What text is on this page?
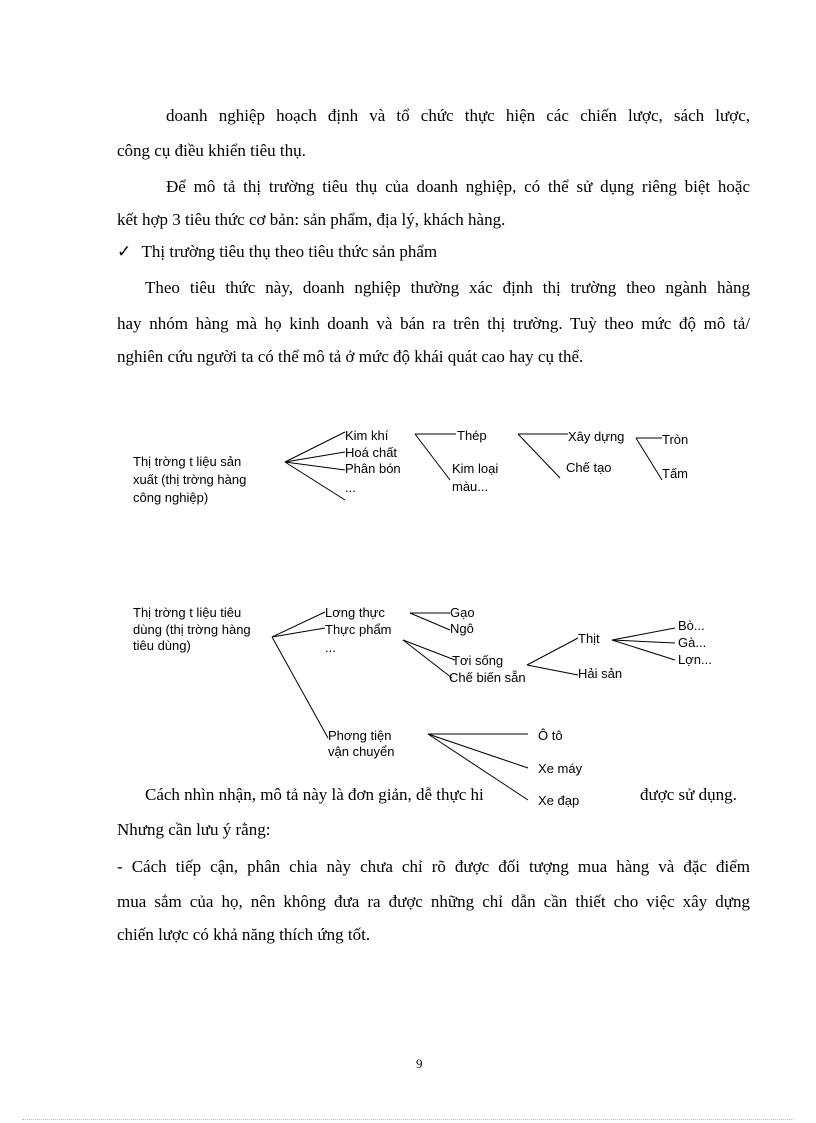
doanh nghiệp hoạch định và tổ chức thực hiện các chiến lược, sách lược,
công cụ điều khiển tiêu thụ.
Để mô tả thị trường tiêu thụ của doanh nghiệp, có thể sử dụng riêng biệt hoặc
kết hợp 3 tiêu thức cơ bản: sản phẩm, địa lý, khách hàng.
✓ Thị trường tiêu thụ theo tiêu thức sản phẩm
Theo tiêu thức này, doanh nghiệp thường xác định thị trường theo ngành hàng
hay nhóm hàng mà họ kinh doanh và bán ra trên thị trường. Tuỳ theo mức độ mô tả/
nghiên cứu người ta có thể mô tả ở mức độ khái quát cao hay cụ thể.
Thị trờng t liệu sản
xuất (thị trờng hàng
công nghiệp)
Kim khí
Hoá chất
Phân bón
...
Thép
Kim loại
màu...
Xây dựng
Chế tạo
Tròn
Tấm
Thị trờng t liệu tiêu
dùng (thị trờng hàng
tiêu dùng)
Lơng thực
Thực phẩm
...
Gạo
Ngô
Tơi sống
Chế biến sẵn
Thịt
Hải sản
Bò...
Gà...
Lợn...
Phơng tiện
vận chuyển
Ô tô
Xe máy
Xe đạp
Cách nhìn nhận, mô tả này là đơn giản, dễ thực hi	được sử dụng.
Nhưng cần lưu ý rằng:
- Cách tiếp cận, phân chia này chưa chỉ rõ được đối tượng mua hàng và đặc điểm
mua sắm của họ, nên không đưa ra được những chỉ dẫn cần thiết cho việc xây dựng
chiến lược có khả năng thích ứng tốt.
9
